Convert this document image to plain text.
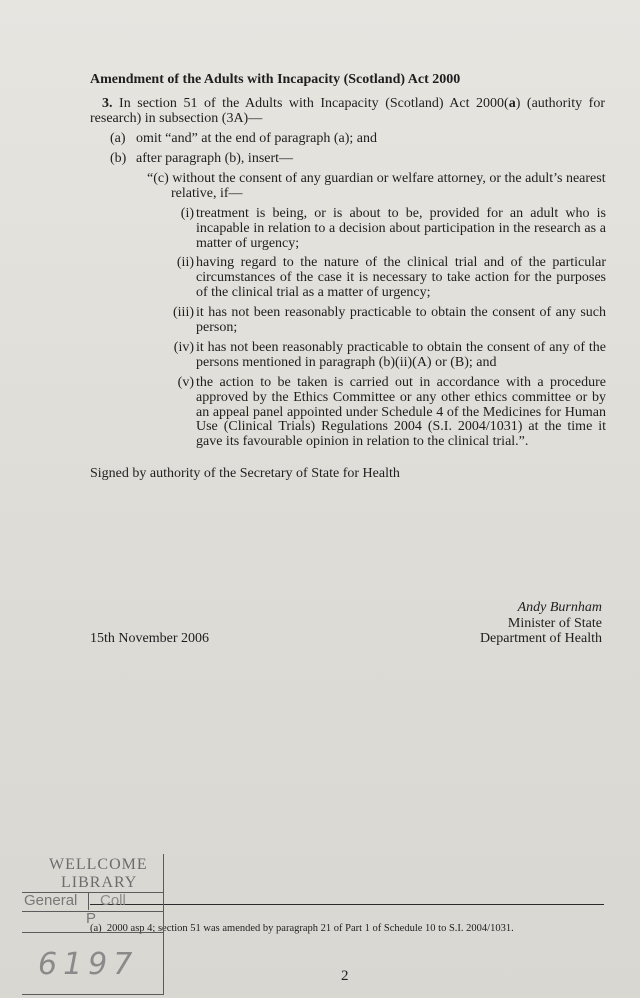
Amendment of the Adults with Incapacity (Scotland) Act 2000

3. In section 51 of the Adults with Incapacity (Scotland) Act 2000(a) (authority for research) in subsection (3A)—

(a) omit “and” at the end of paragraph (a); and
(b) after paragraph (b), insert—
“(c) without the consent of any guardian or welfare attorney, or the adult’s nearest
relative, if—
(i) treatment is being, or is about to be, provided for an adult who is incapable in relation to a decision about participation in the research as a matter of urgency;
(ii) having regard to the nature of the clinical trial and of the particular circumstances of the case it is necessary to take action for the purposes of the clinical trial as a matter of urgency;
(iii) it has not been reasonably practicable to obtain the consent of any such person;
(iv) it has not been reasonably practicable to obtain the consent of any of the persons mentioned in paragraph (b)(ii)(A) or (B); and
(v) the action to be taken is carried out in accordance with a procedure approved by the Ethics Committee or any other ethics committee or by an appeal panel appointed under Schedule 4 of the Medicines for Human Use (Clinical Trials) Regulations 2004 (S.I. 2004/1031) at the time it gave its favourable opinion in relation to the clinical trial.”.

Signed by authority of the Secretary of State for Health

Andy Burnham
Minister of State
Department of Health
15th November 2006
(a) 2000 asp 4; section 51 was amended by paragraph 21 of Part 1 of Schedule 10 to S.I. 2004/1031.
2
WELLCOME
LIBRARY
General Coll
P
6197
